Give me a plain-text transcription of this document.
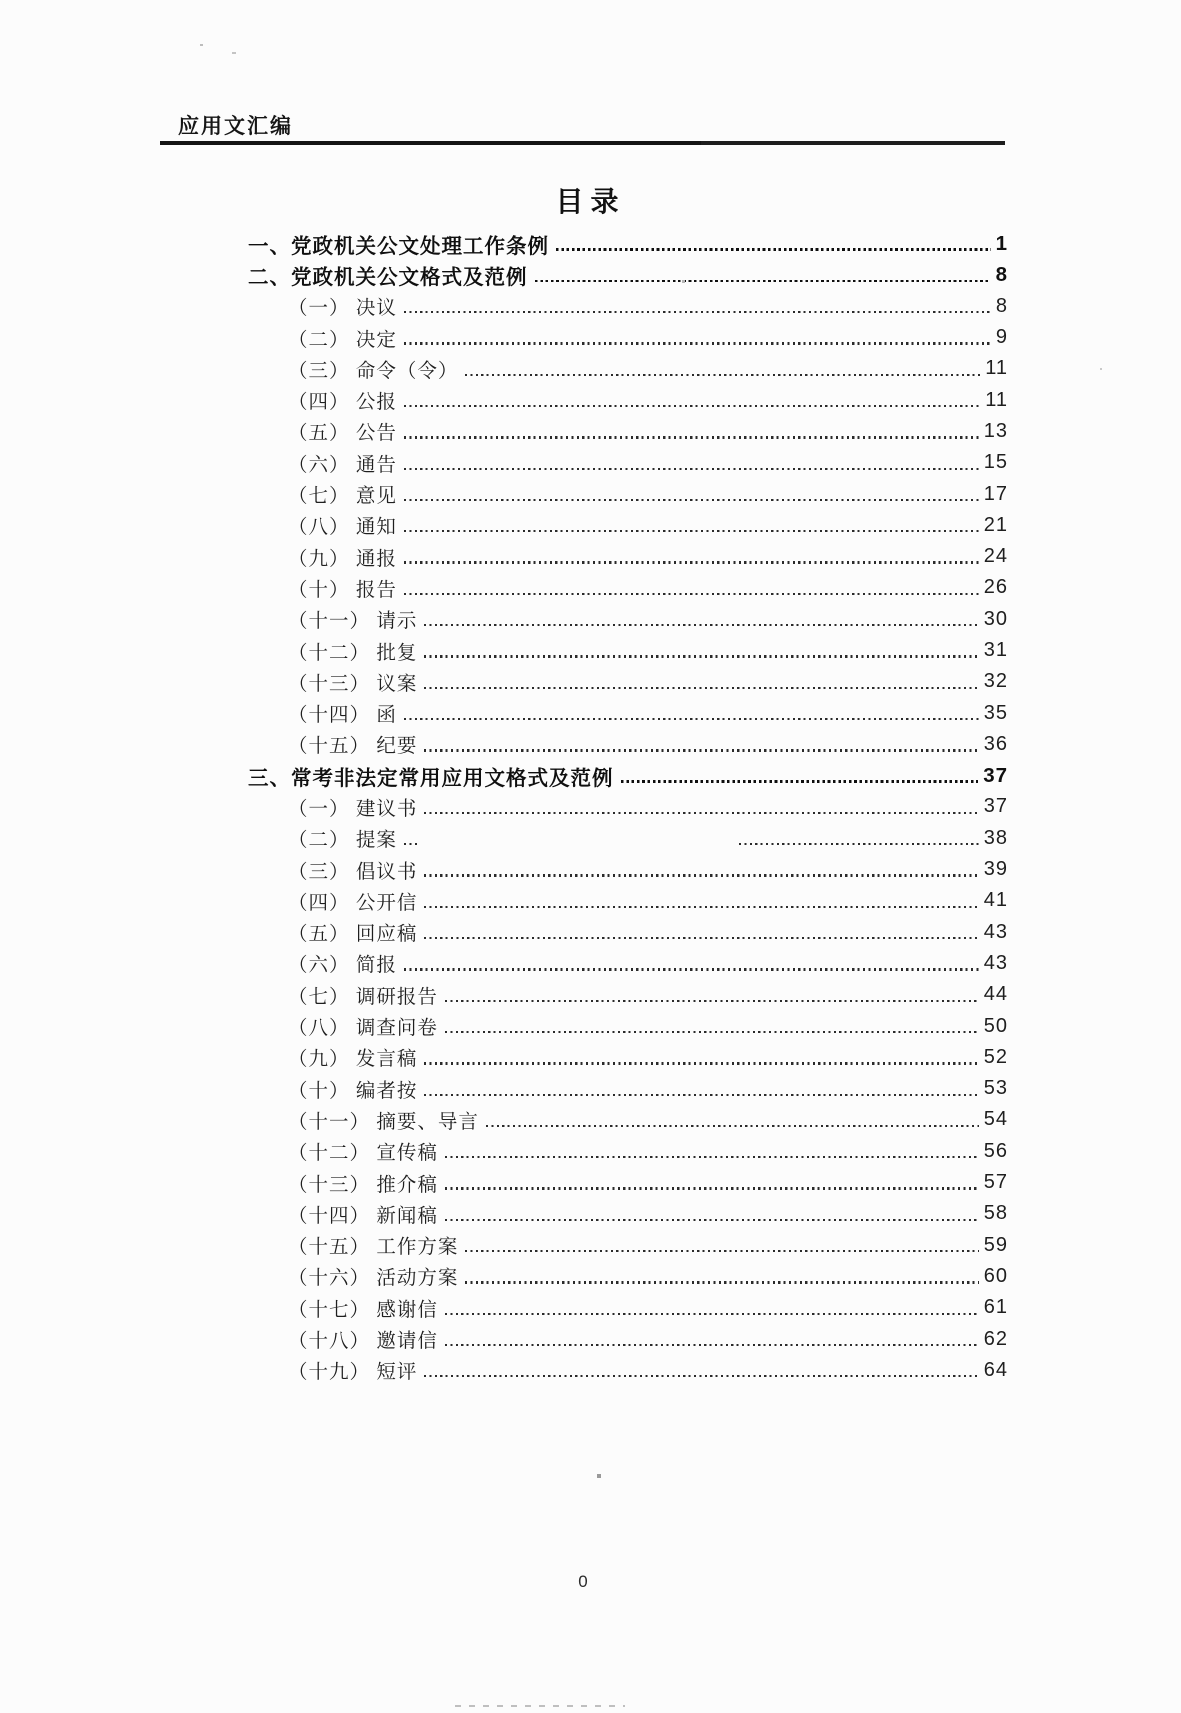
应用文汇编
目录
一、党政机关公文处理工作条例	1
二、党政机关公文格式及范例	8
（一） 决议	8
（二） 决定	9
（三） 命令（令）	11
（四） 公报	11
（五） 公告	13
（六） 通告	15
（七） 意见	17
（八） 通知	21
（九） 通报	24
（十） 报告	26
（十一） 请示	30
（十二） 批复	31
（十三） 议案	32
（十四） 函	35
（十五） 纪要	36
三、常考非法定常用应用文格式及范例	37
（一） 建议书	37
（二） 提案	38
（三） 倡议书	39
（四） 公开信	41
（五） 回应稿	43
（六） 简报	43
（七） 调研报告	44
（八） 调查问卷	50
（九） 发言稿	52
（十） 编者按	53
（十一） 摘要、导言	54
（十二） 宣传稿	56
（十三） 推介稿	57
（十四） 新闻稿	58
（十五） 工作方案	59
（十六） 活动方案	60
（十七） 感谢信	61
（十八） 邀请信	62
（十九） 短评	64
0
